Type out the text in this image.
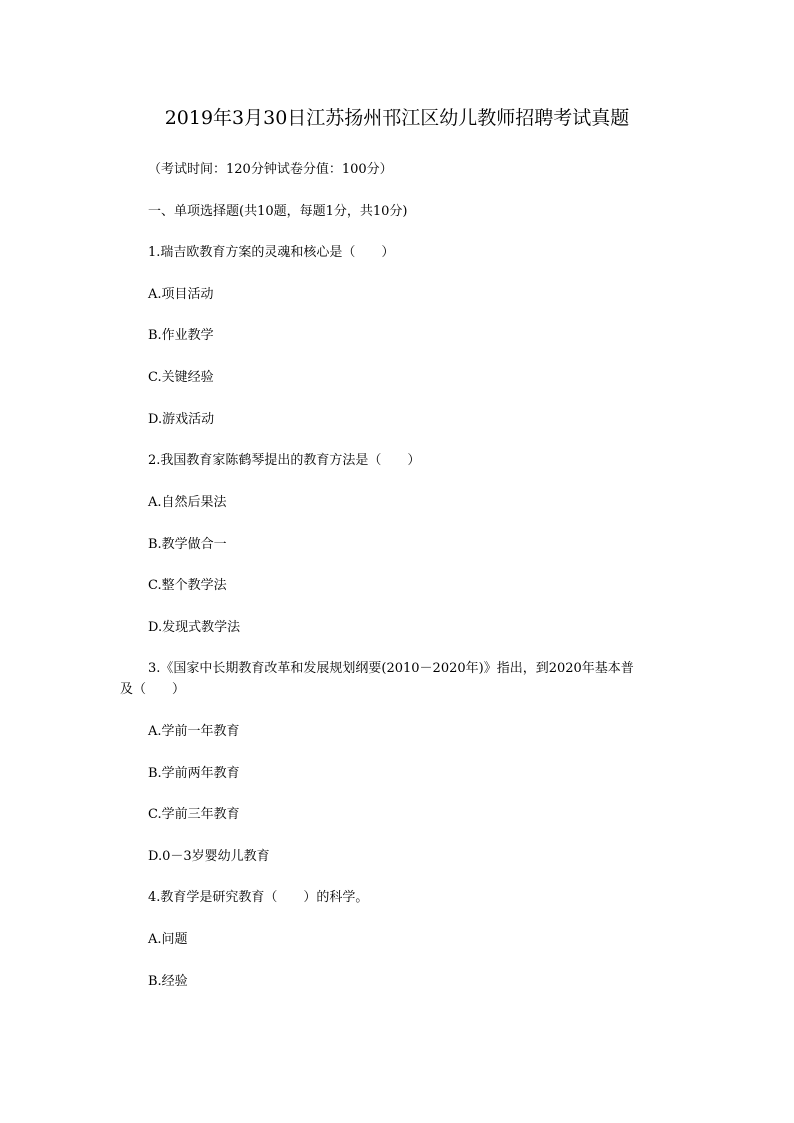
2019年3月30日江苏扬州邗江区幼儿教师招聘考试真题
（考试时间：120分钟试卷分值：100分）
一、单项选择题(共10题，每题1分，共10分)
1.瑞吉欧教育方案的灵魂和核心是（　　）
A.项目活动
B.作业教学
C.关键经验
D.游戏活动
2.我国教育家陈鹤琴提出的教育方法是（　　）
A.自然后果法
B.教学做合一
C.整个教学法
D.发现式教学法
3.《国家中长期教育改革和发展规划纲要(2010－2020年)》指出，到2020年基本普
及（　　）
A.学前一年教育
B.学前两年教育
C.学前三年教育
D.0－3岁婴幼儿教育
4.教育学是研究教育（　　）的科学。
A.问题
B.经验
